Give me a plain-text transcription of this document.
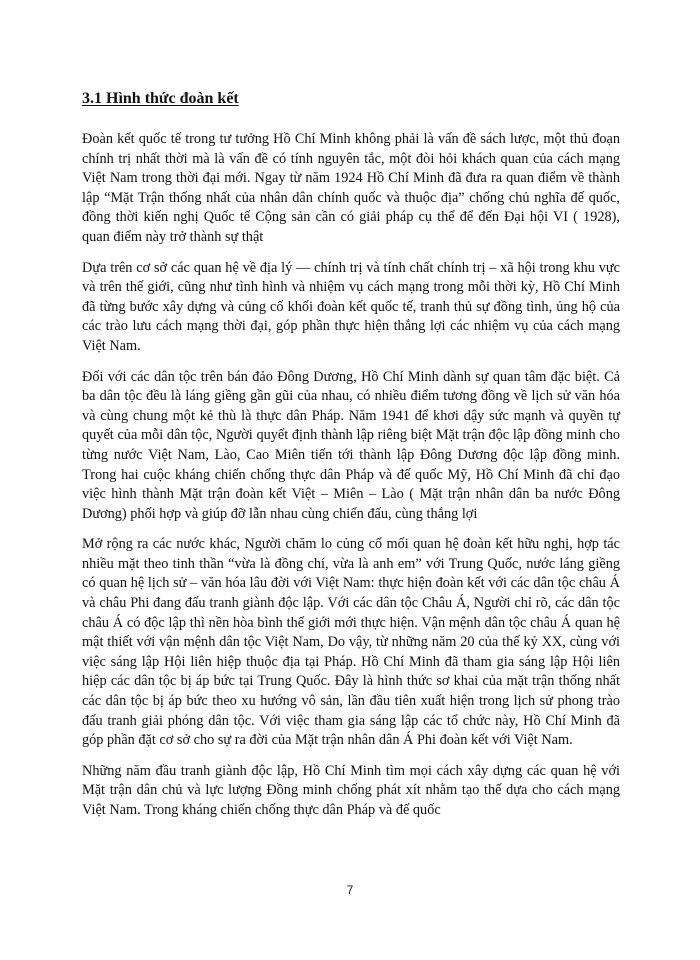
3.1 Hình thức đoàn kết

Đoàn kết quốc tế trong tư tưởng Hồ Chí Minh không phải là vấn đề sách lược, một thủ đoạn chính trị nhất thời mà là vấn đề có tính nguyên tắc, một đòi hỏi khách quan của cách mạng Việt Nam trong thời đại mới. Ngay từ năm 1924 Hồ Chí Minh đã đưa ra quan điểm về thành lập “Mặt Trận thống nhất của nhân dân chính quốc và thuộc địa” chống chủ nghĩa đế quốc, đồng thời kiến nghị Quốc tế Cộng sản cần có giải pháp cụ thể để đến Đại hội VI ( 1928), quan điểm này trở thành sự thật

Dựa trên cơ sở các quan hệ về địa lý — chính trị và tính chất chính trị – xã hội trong khu vực và trên thế giới, cũng như tình hình và nhiệm vụ cách mạng trong mỗi thời kỳ, Hồ Chí Minh đã từng bước xây dựng và củng cố khối đoàn kết quốc tế, tranh thủ sự đồng tình, ủng hộ của các trào lưu cách mạng thời đại, góp phần thực hiện thắng lợi các nhiệm vụ của cách mạng Việt Nam.

Đối với các dân tộc trên bán đảo Đông Dương, Hồ Chí Minh dành sự quan tâm đặc biệt. Cả ba dân tộc đều là láng giềng gần gũi của nhau, có nhiều điểm tương đồng về lịch sử văn hóa và cùng chung một kẻ thù là thực dân Pháp. Năm 1941 để khơi dậy sức mạnh và quyền tự quyết của mỗi dân tộc, Người quyết định thành lập riêng biệt Mặt trận độc lập đồng minh cho từng nước Việt Nam, Lào, Cao Miên tiến tới thành lập Đông Dương độc lập đồng minh. Trong hai cuộc kháng chiến chống thực dân Pháp và đế quốc Mỹ, Hồ Chí Minh đã chỉ đạo việc hình thành Mặt trận đoàn kết Việt – Miên – Lào ( Mặt trận nhân dân ba nước Đông Dương) phối hợp và giúp đỡ lẫn nhau cùng chiến đấu, cùng thắng lợi

Mở rộng ra các nước khác, Người chăm lo củng cố mối quan hệ đoàn kết hữu nghị, hợp tác nhiều mặt theo tinh thần “vừa là đồng chí, vừa là anh em” với Trung Quốc, nước láng giềng có quan hệ lịch sử – văn hóa lâu đời với Việt Nam: thực hiện đoàn kết với các dân tộc châu Á và châu Phi đang đấu tranh giành độc lập. Với các dân tộc Châu Á, Người chỉ rõ, các dân tộc châu Á có độc lập thì nền hòa bình thế giới mới thực hiện. Vận mệnh dân tộc châu Á quan hệ mật thiết với vận mệnh dân tộc Việt Nam, Do vậy, từ những năm 20 của thế kỷ XX, cùng với việc sáng lập Hội liên hiệp thuộc địa tại Pháp. Hồ Chí Minh đã tham gia sáng lập Hội liên hiệp các dân tộc bị áp bức tại Trung Quốc. Đây là hình thức sơ khai của mặt trận thống nhất các dân tộc bị áp bức theo xu hướng vô sản, lần đầu tiên xuất hiện trong lịch sử phong trào đấu tranh giải phóng dân tộc. Với việc tham gia sáng lập các tổ chức này, Hồ Chí Minh đã góp phần đặt cơ sở cho sự ra đời của Mặt trận nhân dân Á Phi đoàn kết với Việt Nam.

Những năm đầu tranh giành độc lập, Hồ Chí Minh tìm mọi cách xây dựng các quan hệ với Mặt trận dân chủ và lực lượng Đồng minh chống phát xít nhằm tạo thế dựa cho cách mạng Việt Nam. Trong kháng chiến chống thực dân Pháp và đế quốc

7
